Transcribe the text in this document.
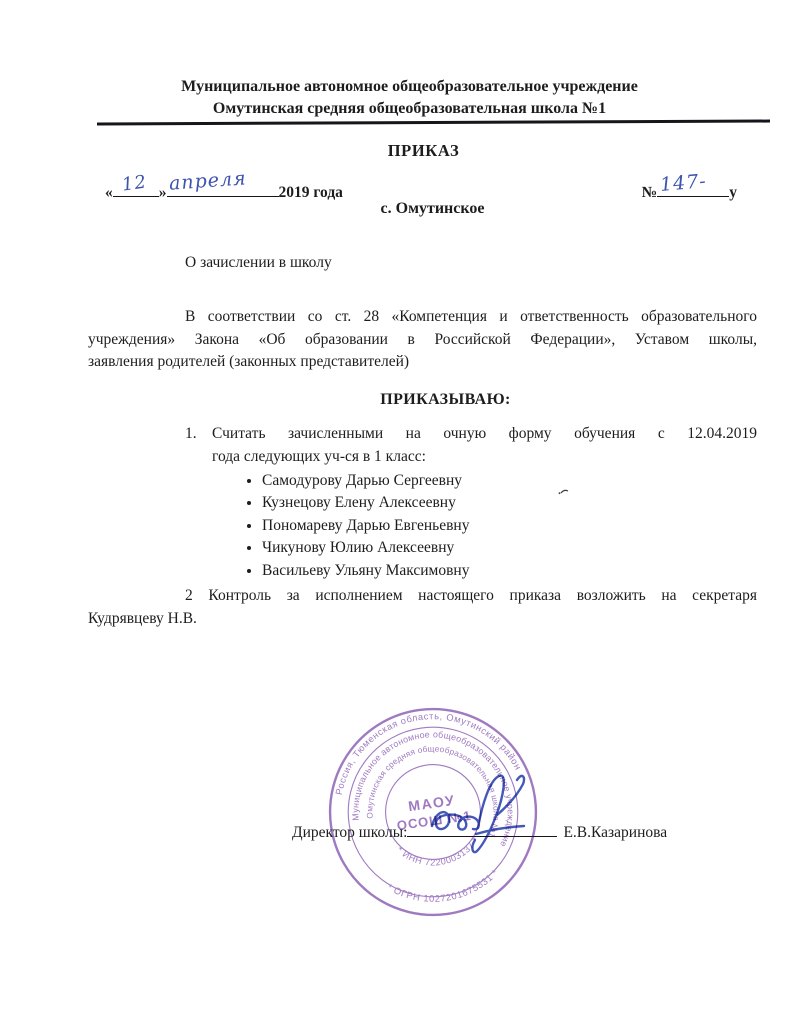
Муниципальное автономное общеобразовательное учреждение
Омутинская средняя общеобразовательная школа №1
ПРИКАЗ
« 12 » апреля 2019 года	№ 147- у
с. Омутинское
О зачислении в школу
В соответствии со ст. 28 «Компетенция и ответственность образовательного
учреждения» Закона «Об образовании в Российской Федерации», Уставом школы,
заявления родителей (законных представителей)
ПРИКАЗЫВАЮ:
1. Считать зачисленными на очную форму обучения с 12.04.2019
года следующих уч-ся в 1 класс:
• Самодурову Дарью Сергеевну
• Кузнецову Елену Алексеевну
• Пономареву Дарью Евгеньевну
• Чикунову Юлию Алексеевну
• Васильеву Ульяну Максимовну
2 Контроль за исполнением настоящего приказа возложить на секретаря
Кудрявцеву Н.В.
Россия, Тюменская область, Омутинский район
* ОГРН 1027201675531 *
Муниципальное автономное общеобразовательное учреждение
Омутинская средняя общеобразовательная школа №1
* ИНН 7220003137 *
МАОУ
ОСОШ №1
Директор школы:	Е.В.Казаринова
